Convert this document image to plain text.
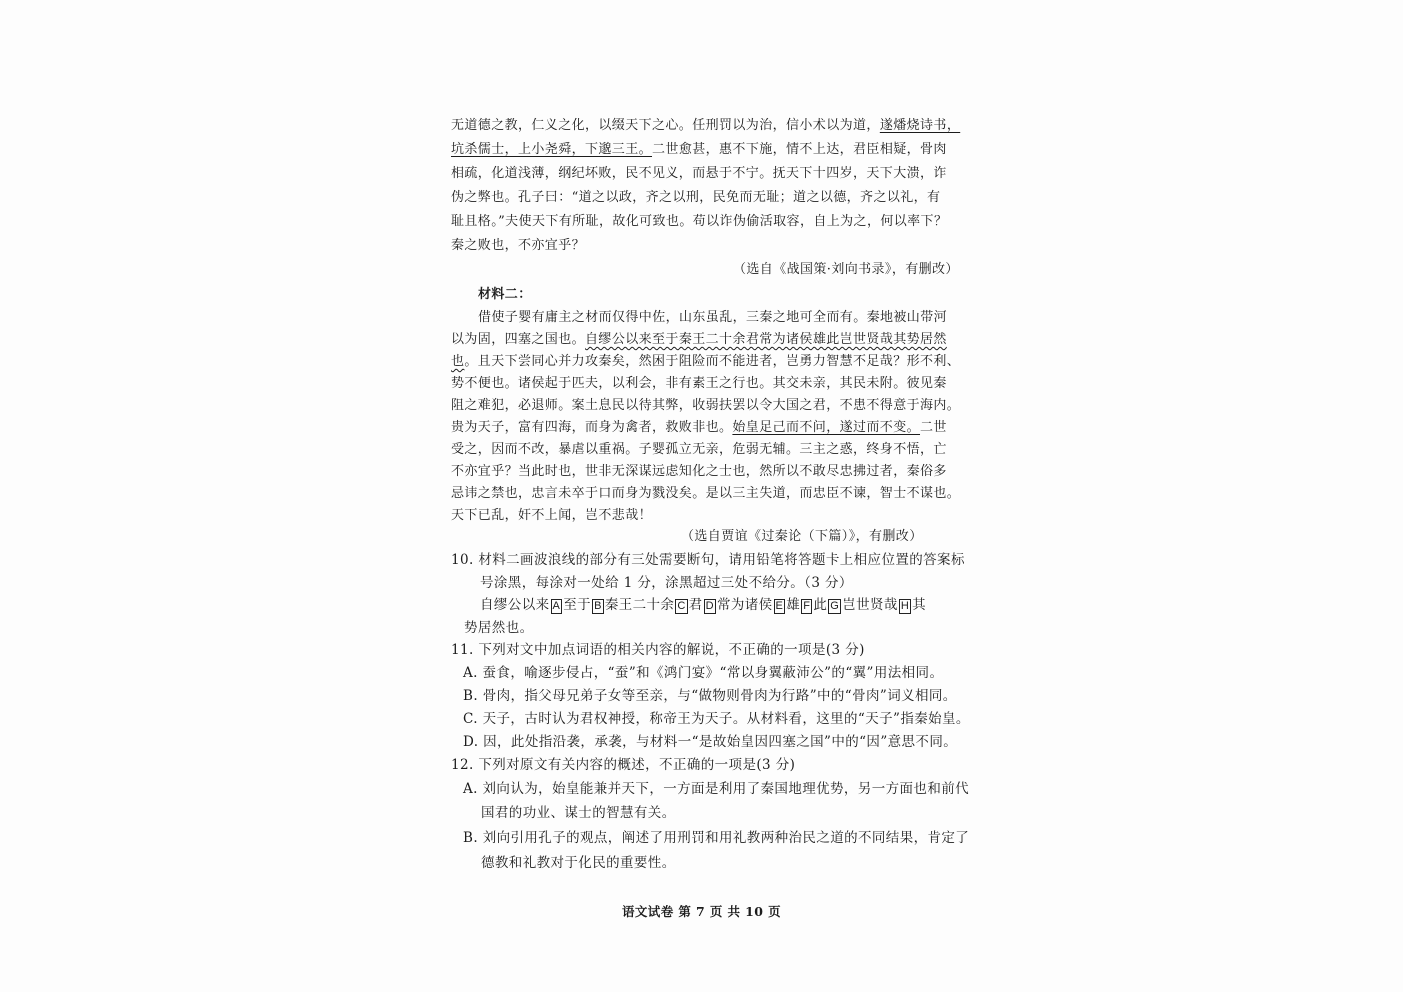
无道德之教，仁义之化，以缀天下之心。任刑罚以为治，信小术以为道，遂燔烧诗书，
坑杀儒士，上小尧舜，下邈三王。二世愈甚，惠不下施，情不上达，君臣相疑，骨肉
相疏，化道浅薄，纲纪坏败，民不见义，而悬于不宁。抚天下十四岁，天下大溃，诈
伪之弊也。孔子曰：“道之以政，齐之以刑，民免而无耻；道之以德，齐之以礼，有
耻且格。”夫使天下有所耻，故化可致也。苟以诈伪偷活取容，自上为之，何以率下？
秦之败也，不亦宜乎？
（选自《战国策·刘向书录》，有删改）
材料二：
借使子婴有庸主之材而仅得中佐，山东虽乱，三秦之地可全而有。秦地被山带河
以为固，四塞之国也。自缪公以来至于秦王二十余君常为诸侯雄此岂世贤哉其势居然
也。且天下尝同心并力攻秦矣，然困于阻险而不能进者，岂勇力智慧不足哉？形不利、
势不便也。诸侯起于匹夫，以利会，非有素王之行也。其交未亲，其民未附。彼见秦
阻之难犯，必退师。案土息民以待其弊，收弱扶罢以令大国之君，不患不得意于海内。
贵为天子，富有四海，而身为禽者，救败非也。始皇足己而不问，遂过而不变。二世
受之，因而不改，暴虐以重祸。子婴孤立无亲，危弱无辅。三主之惑，终身不悟，亡
不亦宜乎？当此时也，世非无深谋远虑知化之士也，然所以不敢尽忠拂过者，秦俗多
忌讳之禁也，忠言未卒于口而身为戮没矣。是以三主失道，而忠臣不谏，智士不谋也。
天下已乱，奸不上闻，岂不悲哉！
（选自贾谊《过秦论（下篇）》，有删改）
10. 材料二画波浪线的部分有三处需要断句，请用铅笔将答题卡上相应位置的答案标
号涂黑，每涂对一处给 1 分，涂黑超过三处不给分。（3 分）
自缪公以来 A 至于 B 秦王二十余 C 君 D 常为诸侯 E 雄 F 此 G 岂世贤哉 H 其
势居然也。
11. 下列对文中加点词语的相关内容的解说，不正确的一项是(3 分)
A. 蚕食，喻逐步侵占，“蚕”和《鸿门宴》“常以身翼蔽沛公”的“翼”用法相同。
B. 骨肉，指父母兄弟子女等至亲，与“做物则骨肉为行路”中的“骨肉”词义相同。
C. 天子，古时认为君权神授，称帝王为天子。从材料看，这里的“天子”指秦始皇。
D. 因，此处指沿袭，承袭，与材料一“是故始皇因四塞之国”中的“因”意思不同。
12. 下列对原文有关内容的概述，不正确的一项是(3 分)
A. 刘向认为，始皇能兼并天下，一方面是利用了秦国地理优势，另一方面也和前代
国君的功业、谋士的智慧有关。
B. 刘向引用孔子的观点，阐述了用刑罚和用礼教两种治民之道的不同结果，肯定了
德教和礼教对于化民的重要性。
语文试卷 第 7 页 共 10 页
